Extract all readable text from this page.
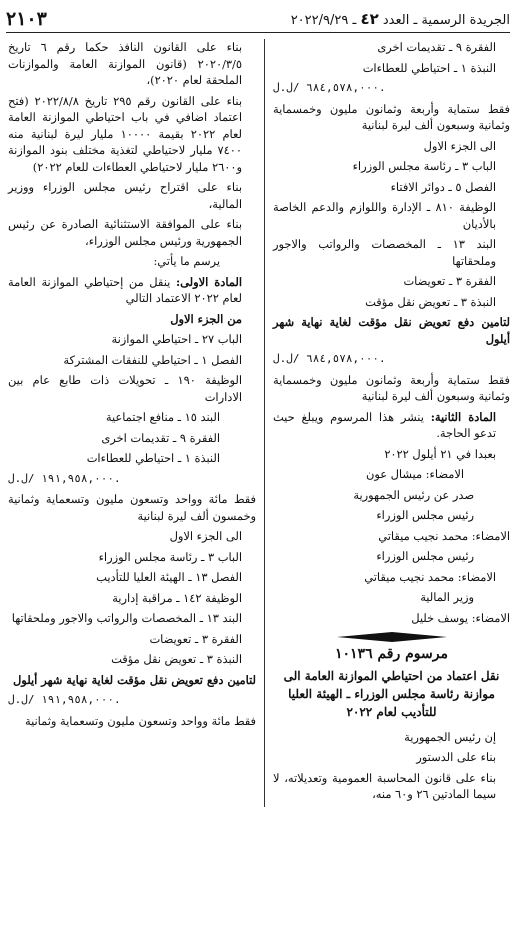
الجريدة الرسمية ـ العدد ٤٢ ـ ٢٠٢٢/٩/٢٩
٢١٠٣

الفقرة ٩ ـ تقديمات اخرى

النبذة ١ ـ احتياطي للعطاءات

٦٨٤,٥٧٨,٠٠٠ /ل.ل.

فقط ستماية وأربعة وثمانون مليون وخمسماية وثمانية وسبعون ألف ليرة لبنانية

الى الجزء الاول

الباب ٣ ـ رئاسة مجلس الوزراء

الفصل ٥ ـ دوائر الافتاء

الوظيفة ٨١٠ ـ الإدارة واللوازم والدعم الخاصة بالأديان

البند ١٣ ـ المخصصات والرواتب والاجور وملحقاتها

الفقرة ٣ ـ تعويضات

النبذة ٣ ـ تعويض نقل مؤقت

لتامين دفع تعويض نقل مؤقت لغاية نهاية شهر أيلول

٦٨٤,٥٧٨,٠٠٠ /ل.ل.

فقط ستماية وأربعة وثمانون مليون وخمسماية وثمانية وسبعون ألف ليرة لبنانية

المادة الثانية: ينشر هذا المرسوم ويبلغ حيث تدعو الحاجة.

بعبدا في ٢١ أيلول ٢٠٢٢

الامضاء: ميشال عون

صدر عن رئيس الجمهورية

رئيس مجلس الوزراء

الامضاء: محمد نجيب ميقاتي

رئيس مجلس الوزراء

الامضاء: محمد نجيب ميقاتي

وزير المالية

الامضاء: يوسف خليل

مرسوم رقم ١٠١٣٦

نقل اعتماد من احتياطي الموازنة العامة الى موازنة رئاسة مجلس الوزراء ـ الهيئة العليا للتأديب لعام ٢٠٢٢

إن رئيس الجمهورية

بناء على الدستور

بناء على قانون المحاسبة العمومية وتعديلاته، لا سيما المادتين ٢٦ و٦٠ منه،

بناء على القانون النافذ حكما رقم ٦ تاريخ ٢٠٢٠/٣/٥ (قانون الموازنة العامة والموازنات الملحقة لعام ٢٠٢٠)،

بناء على القانون رقم ٢٩٥ تاريخ ٢٠٢٢/٨/٨ (فتح اعتماد اضافي في باب احتياطي الموازنة العامة لعام ٢٠٢٢ بقيمة ١٠٠٠٠ مليار ليرة لبنانية منه ٧٤٠٠ مليار لاحتياطي لتغذية مختلف بنود الموازنة و٢٦٠٠ مليار لاحتياطي العطاءات للعام ٢٠٢٢)

بناء على اقتراح رئيس مجلس الوزراء ووزير المالية،

بناء على الموافقة الاستثنائية الصادرة عن رئيس الجمهورية ورئيس مجلس الوزراء،

يرسم ما يأتي:

المادة الاولى: ينقل من إحتياطي الموازنة العامة لعام ٢٠٢٢ الاعتماد التالي

من الجزء الاول

الباب ٢٧ ـ احتياطي الموازنة

الفصل ١ ـ احتياطي للنفقات المشتركة

الوظيفة ١٩٠ ـ تحويلات ذات طابع عام بين الادارات

البند ١٥ ـ منافع اجتماعية

الفقرة ٩ ـ تقديمات اخرى

النبذة ١ ـ احتياطي للعطاءات

١٩١,٩٥٨,٠٠٠ /ل.ل.

فقط مائة وواحد وتسعون مليون وتسعماية وثمانية وخمسون ألف ليرة لبنانية

الى الجزء الاول

الباب ٣ ـ رئاسة مجلس الوزراء

الفصل ١٣ ـ الهيئة العليا للتأديب

الوظيفة ١٤٢ ـ مراقبة إدارية

البند ١٣ ـ المخصصات والرواتب والاجور وملحقاتها

الفقرة ٣ ـ تعويضات

النبذة ٣ ـ تعويض نقل مؤقت

لتامين دفع تعويض نقل مؤقت لغاية نهاية شهر أيلول

١٩١,٩٥٨,٠٠٠ /ل.ل.

فقط مائة وواحد وتسعون مليون وتسعماية وثمانية
